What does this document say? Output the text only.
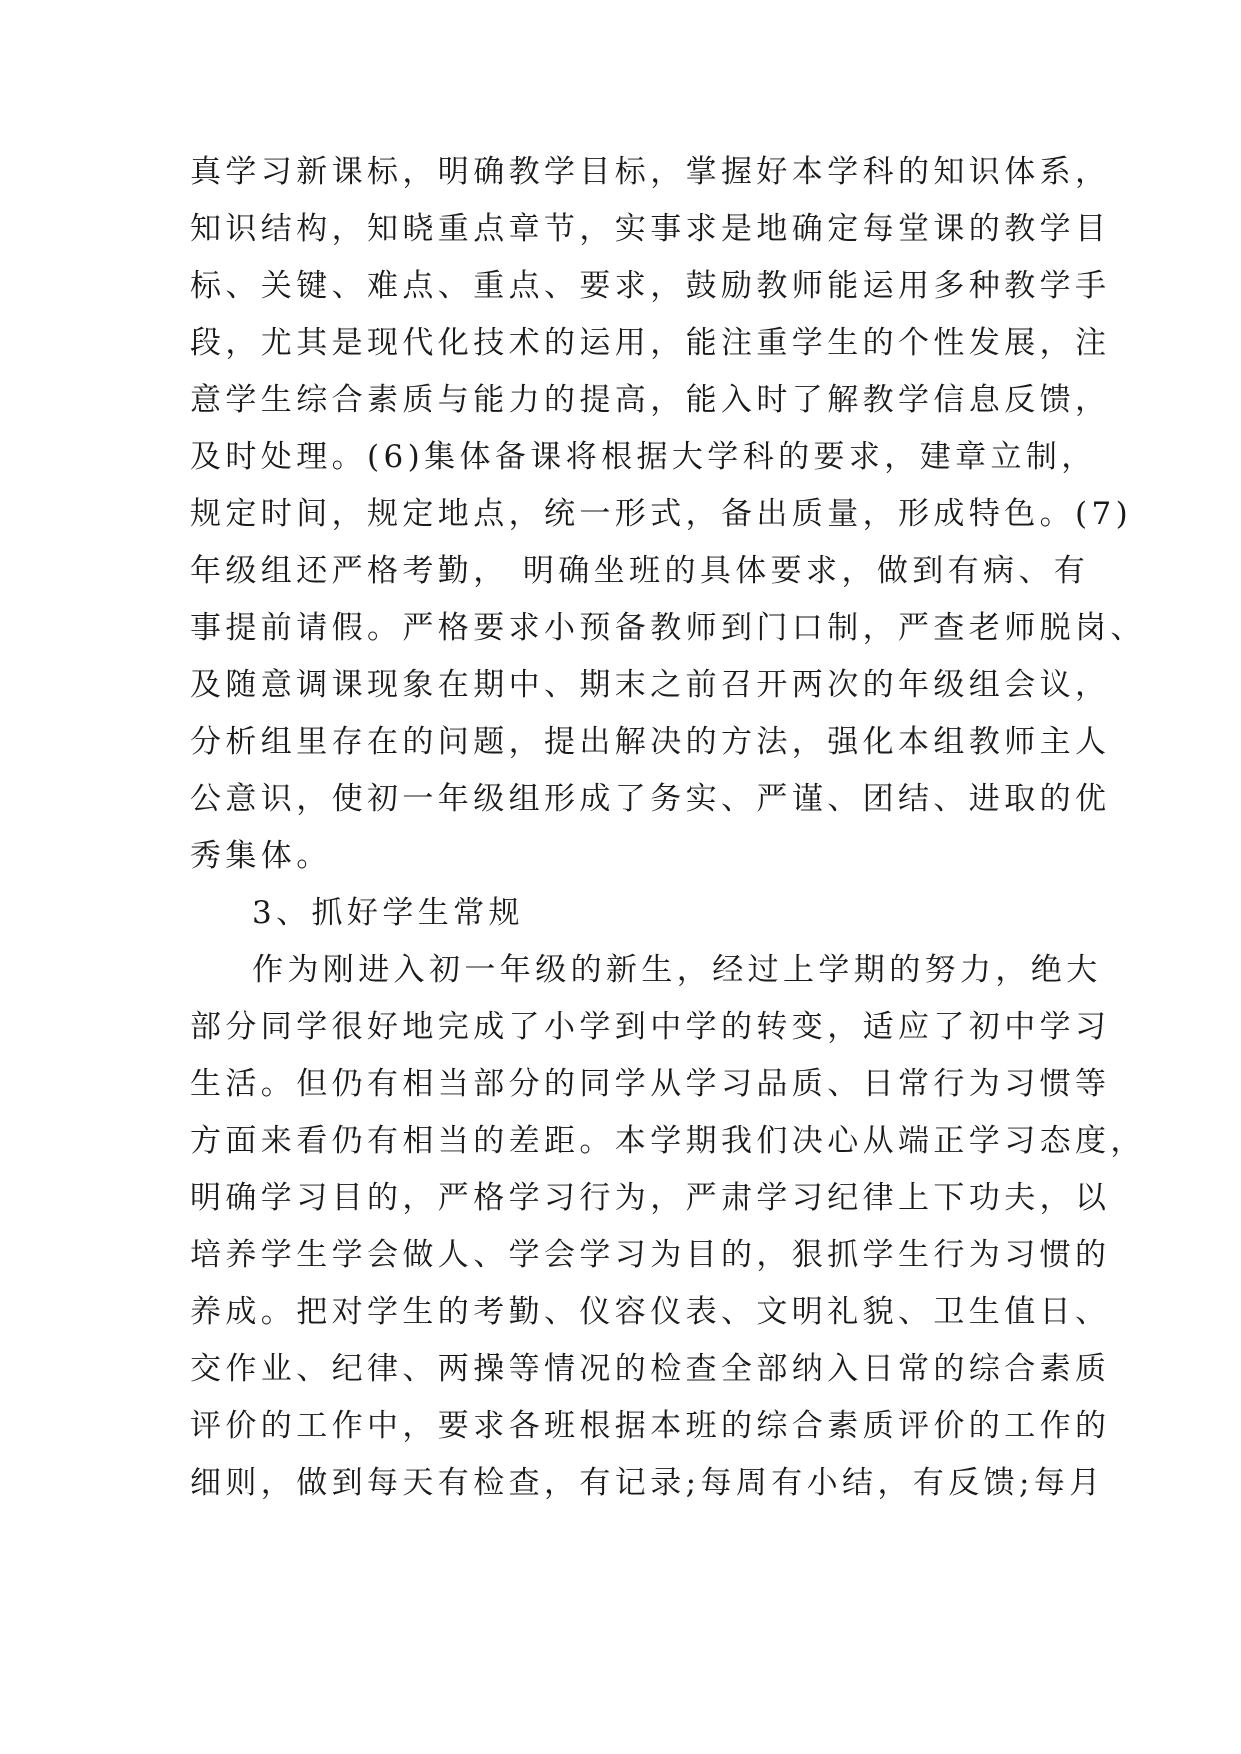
真学习新课标，明确教学目标，掌握好本学科的知识体系，
知识结构，知晓重点章节，实事求是地确定每堂课的教学目
标、关键、难点、重点、要求，鼓励教师能运用多种教学手
段，尤其是现代化技术的运用，能注重学生的个性发展，注
意学生综合素质与能力的提高，能入时了解教学信息反馈，
及时处理。(6)集体备课将根据大学科的要求，建章立制，
规定时间，规定地点，统一形式，备出质量，形成特色。(7)
年级组还严格考勤， 明确坐班的具体要求，做到有病、有
事提前请假。严格要求小预备教师到门口制，严查老师脱岗、
及随意调课现象在期中、期末之前召开两次的年级组会议，
分析组里存在的问题，提出解决的方法，强化本组教师主人
公意识，使初一年级组形成了务实、严谨、团结、进取的优
秀集体。
3、抓好学生常规
作为刚进入初一年级的新生，经过上学期的努力，绝大
部分同学很好地完成了小学到中学的转变，适应了初中学习
生活。但仍有相当部分的同学从学习品质、日常行为习惯等
方面来看仍有相当的差距。本学期我们决心从端正学习态度，
明确学习目的，严格学习行为，严肃学习纪律上下功夫，以
培养学生学会做人、学会学习为目的，狠抓学生行为习惯的
养成。把对学生的考勤、仪容仪表、文明礼貌、卫生值日、
交作业、纪律、两操等情况的检查全部纳入日常的综合素质
评价的工作中，要求各班根据本班的综合素质评价的工作的
细则，做到每天有检查，有记录;每周有小结，有反馈;每月
